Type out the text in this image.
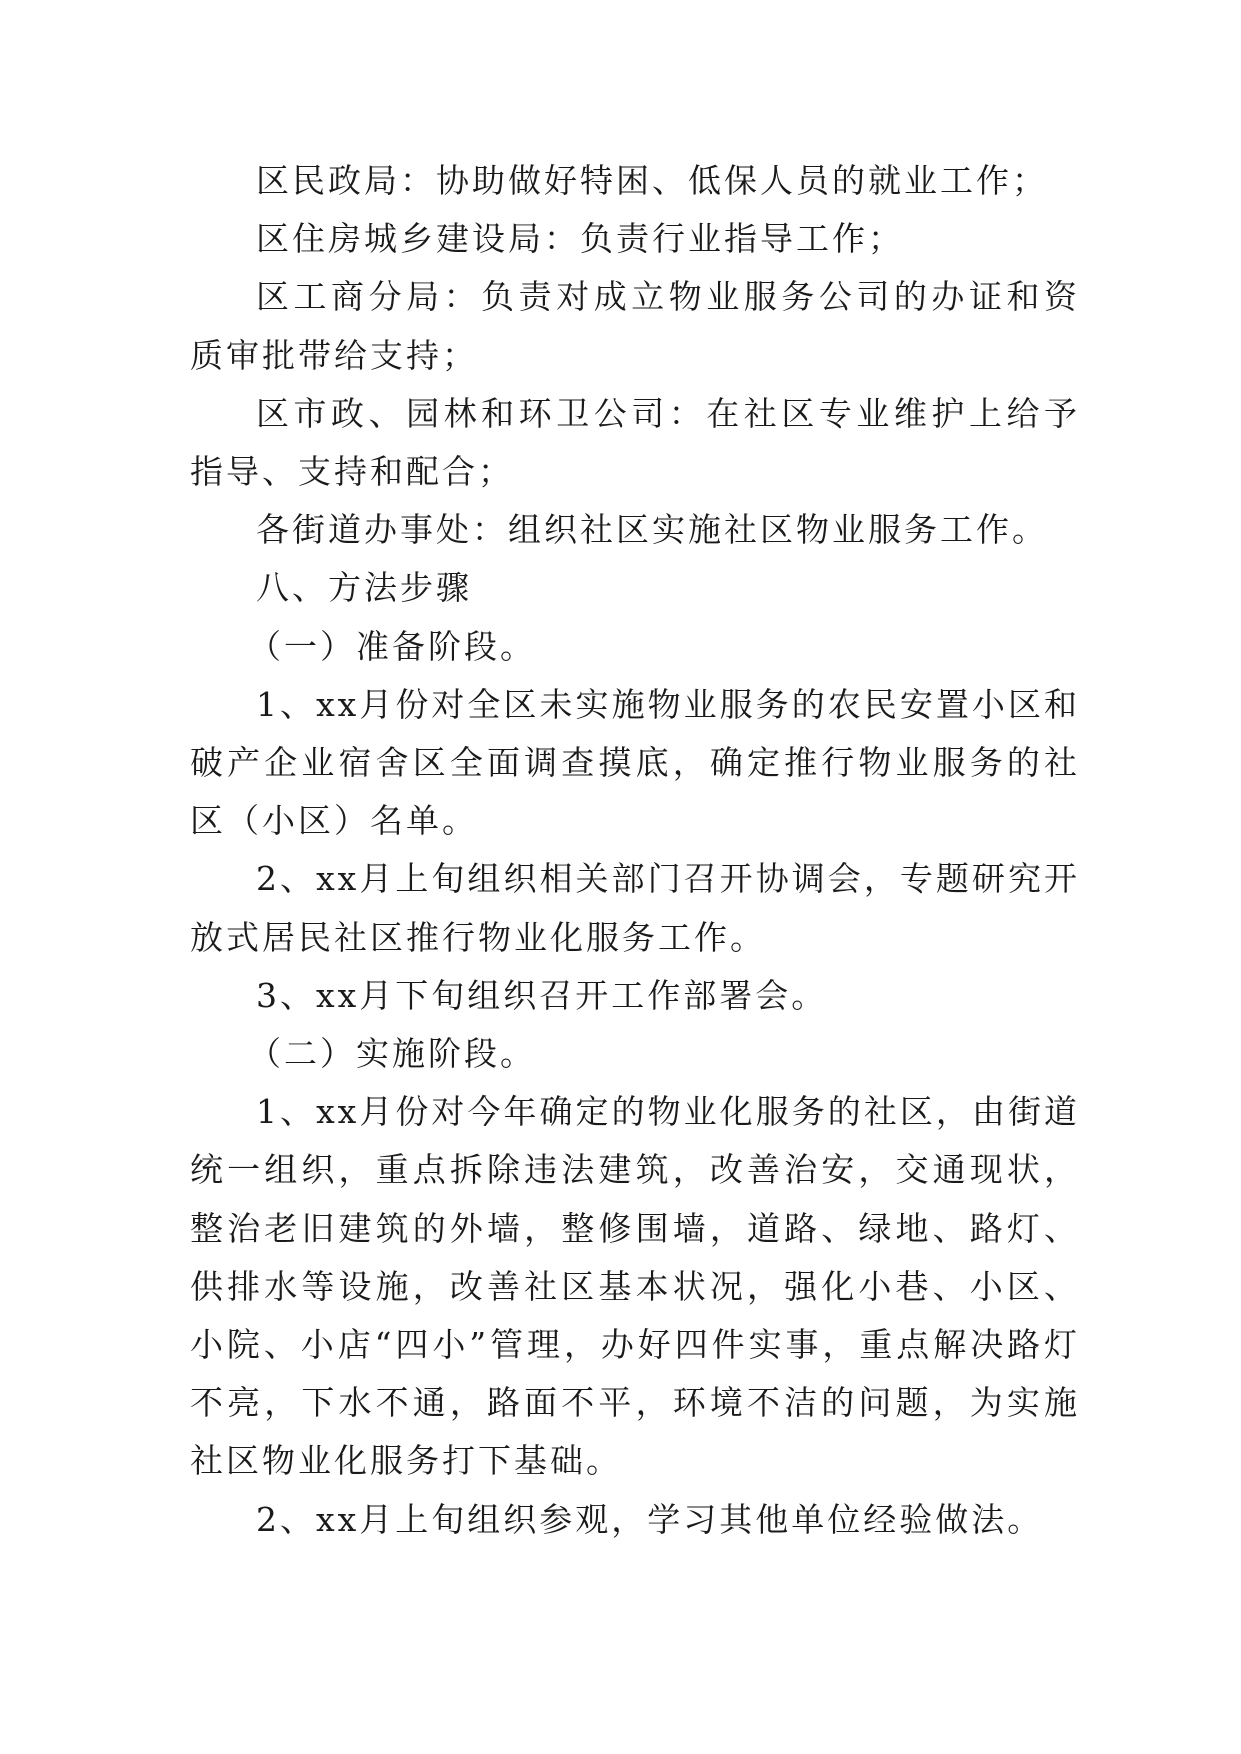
区民政局：协助做好特困、低保人员的就业工作；

区住房城乡建设局：负责行业指导工作；

区工商分局：负责对成立物业服务公司的办证和资质审批带给支持；

区市政、园林和环卫公司：在社区专业维护上给予指导、支持和配合；

各街道办事处：组织社区实施社区物业服务工作。

八、方法步骤

（一）准备阶段。

1、xx月份对全区未实施物业服务的农民安置小区和破产企业宿舍区全面调查摸底，确定推行物业服务的社区（小区）名单。

2、xx月上旬组织相关部门召开协调会，专题研究开放式居民社区推行物业化服务工作。

3、xx月下旬组织召开工作部署会。

（二）实施阶段。

1、xx月份对今年确定的物业化服务的社区，由街道统一组织，重点拆除违法建筑，改善治安，交通现状，整治老旧建筑的外墙，整修围墙，道路、绿地、路灯、供排水等设施，改善社区基本状况，强化小巷、小区、小院、小店“四小”管理，办好四件实事，重点解决路灯不亮，下水不通，路面不平，环境不洁的问题，为实施社区物业化服务打下基础。

2、xx月上旬组织参观，学习其他单位经验做法。
